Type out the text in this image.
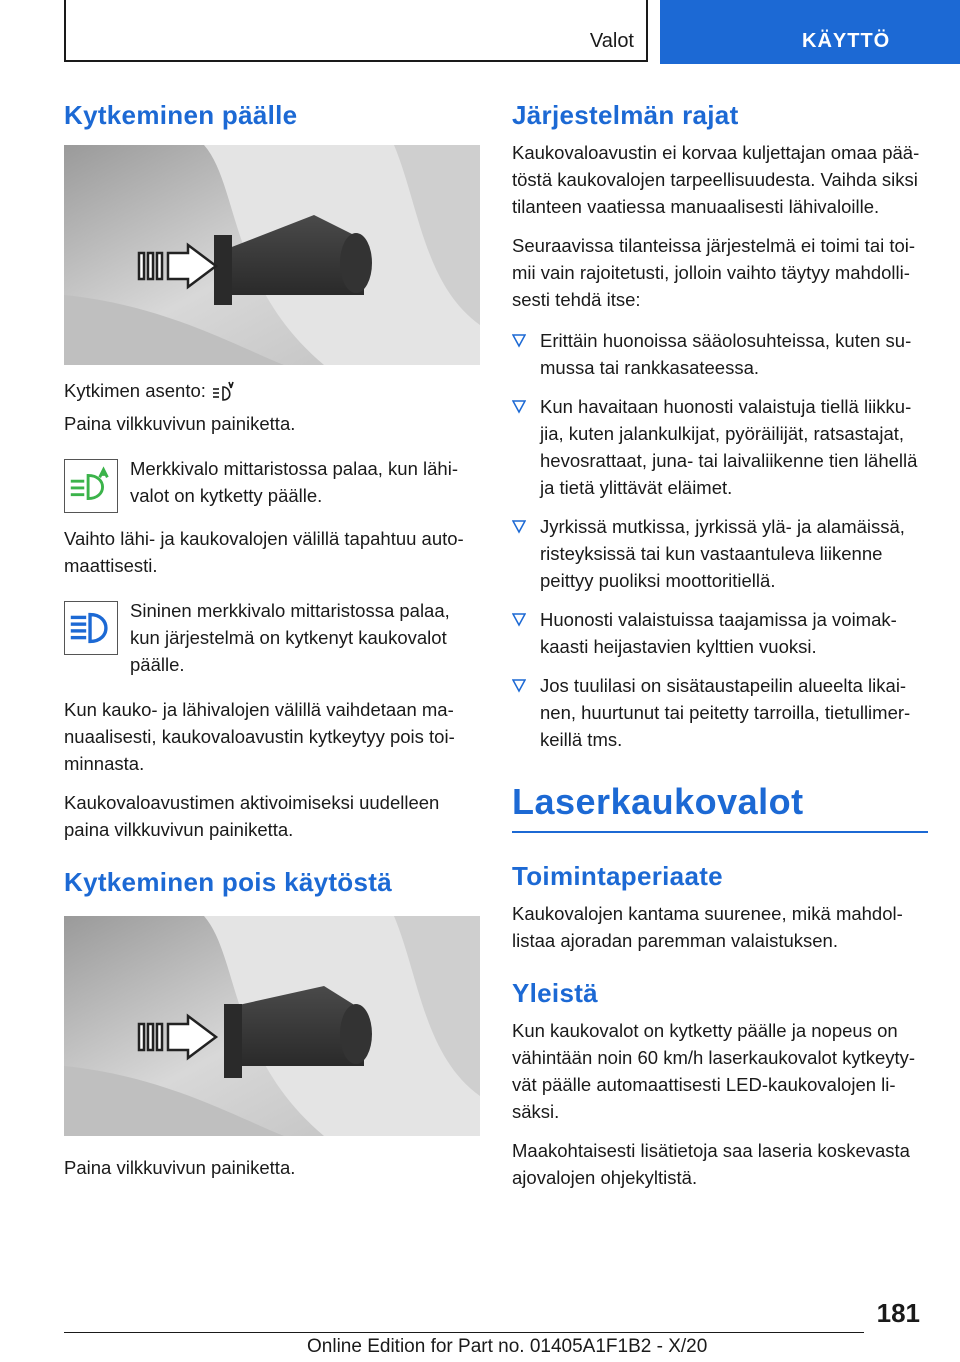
Valot	KÄYTTÖ
Kytkeminen päälle

Kytkimen asento:

Paina vilkkuvivun painiketta.

Merkkivalo mittaristossa palaa, kun lähi-valot on kytketty päälle.

Vaihto lähi- ja kaukovalojen välillä tapahtuu auto-maattisesti.

Sininen merkkivalo mittaristossa palaa, kun järjestelmä on kytkenyt kaukovalot päälle.

Kun kauko- ja lähivalojen välillä vaihdetaan ma-nuaalisesti, kaukovaloavustin kytkeytyy pois toi-minnasta.

Kaukovaloavustimen aktivoimiseksi uudelleen paina vilkkuvivun painiketta.

Kytkeminen pois käytöstä

Paina vilkkuvivun painiketta.

Järjestelmän rajat

Kaukovaloavustin ei korvaa kuljettajan omaa pää-töstä kaukovalojen tarpeellisuudesta. Vaihda siksi tilanteen vaatiessa manuaalisesti lähivaloille.

Seuraavissa tilanteissa järjestelmä ei toimi tai toi-mii vain rajoitetusti, jolloin vaihto täytyy mahdolli-sesti tehdä itse:

Erittäin huonoissa sääolosuhteissa, kuten su-mussa tai rankkasateessa.
Kun havaitaan huonosti valaistuja tiellä liikku-jia, kuten jalankulkijat, pyöräilijät, ratsastajat, hevosrattaat, juna- tai laivaliikenne tien lähellä ja tietä ylittävät eläimet.
Jyrkissä mutkissa, jyrkissä ylä- ja alamäissä, risteyksissä tai kun vastaantuleva liikenne peittyy puoliksi moottoritiellä.
Huonosti valaistuissa taajamissa ja voimak-kaasti heijastavien kylttien vuoksi.
Jos tuulilasi on sisätaustapeilin alueelta likai-nen, huurtunut tai peitetty tarroilla, tietullimer-keillä tms.
Laserkaukovalot
Toimintaperiaate

Kaukovalojen kantama suurenee, mikä mahdol-listaa ajoradan paremman valaistuksen.

Yleistä

Kun kaukovalot on kytketty päälle ja nopeus on vähintään noin 60 km/h laserkaukovalot kytkeyty-vät päälle automaattisesti LED-kaukovalojen li-säksi.

Maakohtaisesti lisätietoja saa laseria koskevasta ajovalojen ohjekyltistä.

181
Online Edition for Part no. 01405A1F1B2 - X/20
